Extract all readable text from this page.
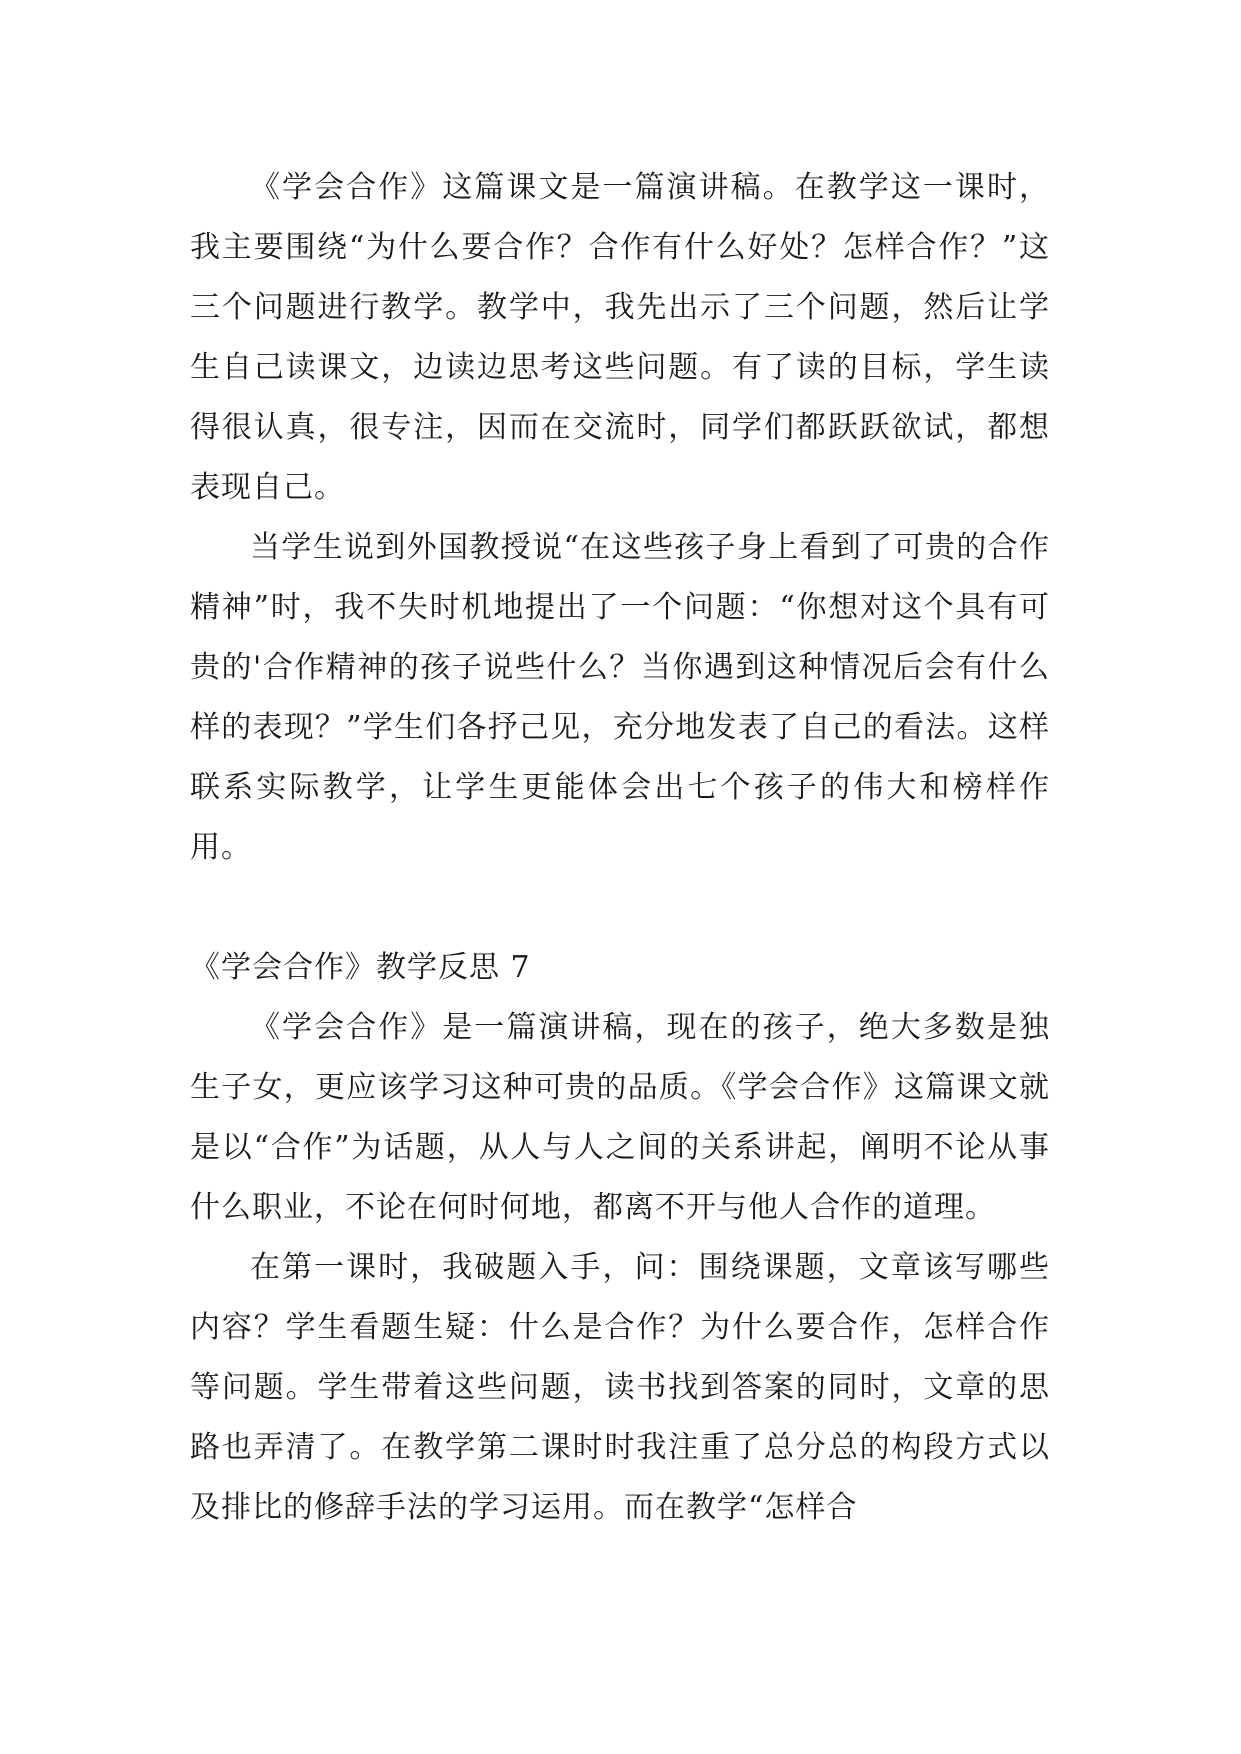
《学会合作》这篇课文是一篇演讲稿。在教学这一课时，我主要围绕“为什么要合作？合作有什么好处？怎样合作？”这三个问题进行教学。教学中，我先出示了三个问题，然后让学生自己读课文，边读边思考这些问题。有了读的目标，学生读得很认真，很专注，因而在交流时，同学们都跃跃欲试，都想表现自己。

当学生说到外国教授说“在这些孩子身上看到了可贵的合作精神”时，我不失时机地提出了一个问题：“你想对这个具有可贵的'合作精神的孩子说些什么？当你遇到这种情况后会有什么样的表现？”学生们各抒己见，充分地发表了自己的看法。这样联系实际教学，让学生更能体会出七个孩子的伟大和榜样作用。

《学会合作》教学反思 7

《学会合作》是一篇演讲稿，现在的孩子，绝大多数是独生子女，更应该学习这种可贵的品质。《学会合作》这篇课文就是以“合作”为话题，从人与人之间的关系讲起，阐明不论从事什么职业，不论在何时何地，都离不开与他人合作的道理。

在第一课时，我破题入手，问：围绕课题，文章该写哪些内容？学生看题生疑：什么是合作？为什么要合作，怎样合作等问题。学生带着这些问题，读书找到答案的同时，文章的思路也弄清了。在教学第二课时时我注重了总分总的构段方式以及排比的修辞手法的学习运用。而在教学“怎样合
